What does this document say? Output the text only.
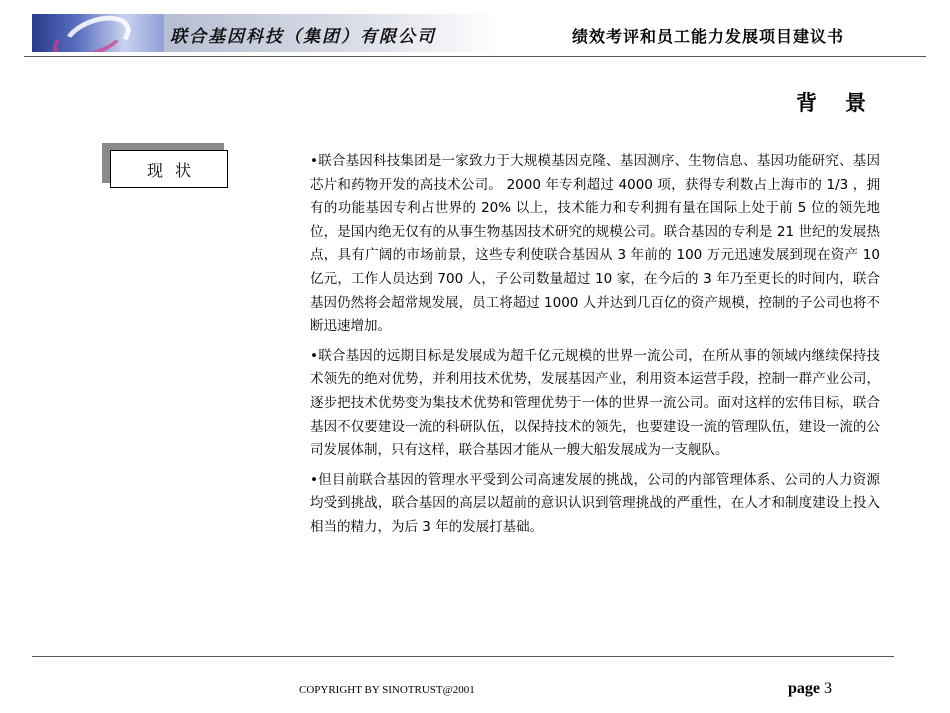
联合基因科技（集团）有限公司	绩效考评和员工能力发展项目建议书
背景
现状	•联合基因科技集团是一家致力于大规模基因克隆、基因测序、生物信息、基因功能研究、基因芯片和药物开发的高技术公司。 2000 年专利超过 4000 项，获得专利数占上海市的 1/3 ，拥有的功能基因专利占世界的 20% 以上，技术能力和专利拥有量在国际上处于前 5 位的领先地位，是国内绝无仅有的从事生物基因技术研究的规模公司。联合基因的专利是 21 世纪的发展热点，具有广阔的市场前景，这些专利使联合基因从 3 年前的 100 万元迅速发展到现在资产 10 亿元，工作人员达到 700 人，子公司数量超过 10 家，在今后的 3 年乃至更长的时间内，联合基因仍然将会超常规发展，员工将超过 1000 人并达到几百亿的资产规模，控制的子公司也将不断迅速增加。

•联合基因的远期目标是发展成为超千亿元规模的世界一流公司，在所从事的领域内继续保持技术领先的绝对优势，并利用技术优势，发展基因产业，利用资本运营手段，控制一群产业公司，逐步把技术优势变为集技术优势和管理优势于一体的世界一流公司。面对这样的宏伟目标，联合基因不仅要建设一流的科研队伍，以保持技术的领先，也要建设一流的管理队伍，建设一流的公司发展体制，只有这样，联合基因才能从一艘大船发展成为一支舰队。

•但目前联合基因的管理水平受到公司高速发展的挑战，公司的内部管理体系、公司的人力资源均受到挑战，联合基因的高层以超前的意识认识到管理挑战的严重性，在人才和制度建设上投入相当的精力，为后 3 年的发展打基础。

COPYRIGHT BY SINOTRUST@2001	page 3
